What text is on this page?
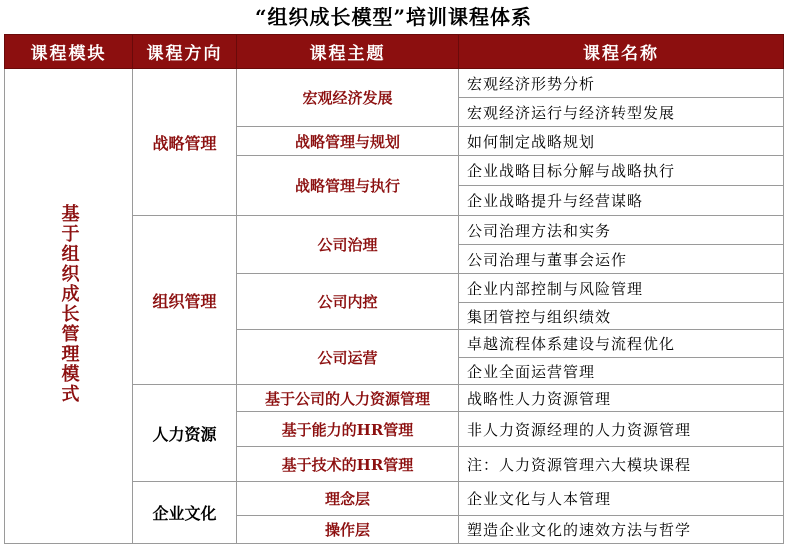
“组织成长模型”培训课程体系
课程模块	课程方向	课程主题	课程名称
基于组织成长管理模式	战略管理	宏观经济发展	宏观经济形势分析
			宏观经济运行与经济转型发展
		战略管理与规划	如何制定战略规划
		战略管理与执行	企业战略目标分解与战略执行
			企业战略提升与经营谋略
	组织管理	公司治理	公司治理方法和实务
			公司治理与董事会运作
		公司内控	企业内部控制与风险管理
			集团管控与组织绩效
		公司运营	卓越流程体系建设与流程优化
			企业全面运营管理
	人力资源	基于公司的人力资源管理	战略性人力资源管理
		基于能力的HR管理	非人力资源经理的人力资源管理
		基于技术的HR管理	注：人力资源管理六大模块课程
	企业文化	理念层	企业文化与人本管理
		操作层	塑造企业文化的速效方法与哲学
